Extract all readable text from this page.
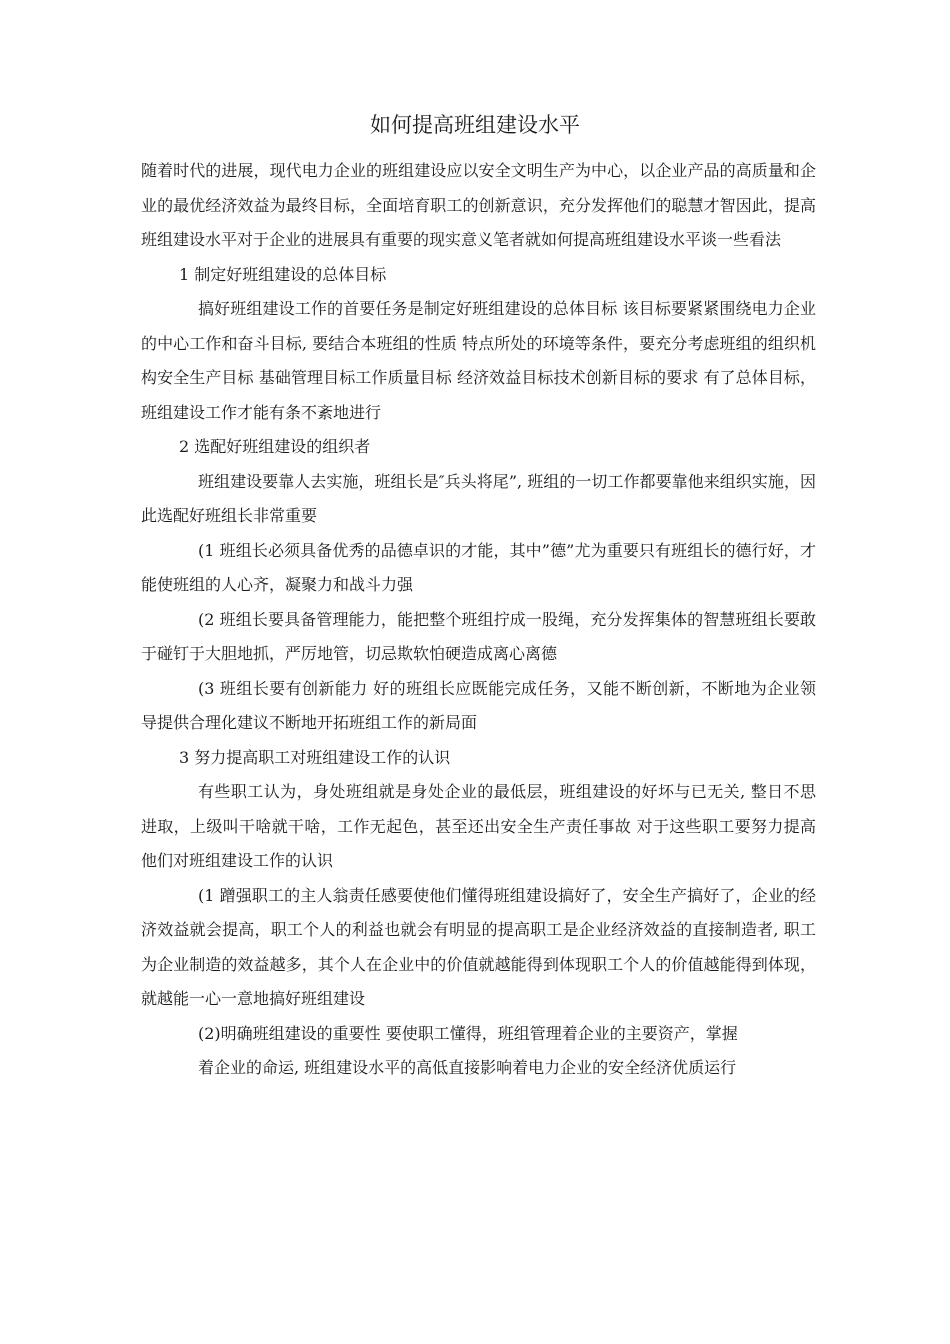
如何提高班组建设水平

随着时代的进展，现代电力企业的班组建设应以安全文明生产为中心，以企业产品的高质量和企业的最优经济效益为最终目标，全面培育职工的创新意识，充分发挥他们的聪慧才智因此，提高班组建设水平对于企业的进展具有重要的现实意义笔者就如何提高班组建设水平谈一些看法

1 制定好班组建设的总体目标

搞好班组建设工作的首要任务是制定好班组建设的总体目标 该目标要紧紧围绕电力企业的中心工作和奋斗目标, 要结合本班组的性质 特点所处的环境等条件，要充分考虑班组的组织机构安全生产目标 基础管理目标工作质量目标 经济效益目标技术创新目标的要求 有了总体目标，班组建设工作才能有条不紊地进行

2 选配好班组建设的组织者

班组建设要靠人去实施，班组长是″兵头将尾”, 班组的一切工作都要靠他来组织实施，因此选配好班组长非常重要

(1 班组长必须具备优秀的品德卓识的才能，其中”德”尤为重要只有班组长的德行好，才能使班组的人心齐，凝聚力和战斗力强

(2 班组长要具备管理能力，能把整个班组拧成一股绳，充分发挥集体的智慧班组长要敢于碰钉于大胆地抓，严厉地管，切忌欺软怕硬造成离心离德

(3 班组长要有创新能力 好的班组长应既能完成任务，又能不断创新，不断地为企业领导提供合理化建议不断地开拓班组工作的新局面

3 努力提高职工对班组建设工作的认识

有些职工认为，身处班组就是身处企业的最低层，班组建设的好坏与已无关, 整日不思进取，上级叫干啥就干啥，工作无起色，甚至还出安全生产责任事故 对于这些职工要努力提高他们对班组建设工作的认识

(1 蹭强职工的主人翁责任感要使他们懂得班组建设搞好了，安全生产搞好了，企业的经济效益就会提高，职工个人的利益也就会有明显的提高职工是企业经济效益的直接制造者, 职工为企业制造的效益越多，其个人在企业中的价值就越能得到体现职工个人的价值越能得到体现，就越能一心一意地搞好班组建设

(2)明确班组建设的重要性 要使职工懂得，班组管理着企业的主要资产，掌握

着企业的命运, 班组建设水平的高低直接影响着电力企业的安全经济优质运行
